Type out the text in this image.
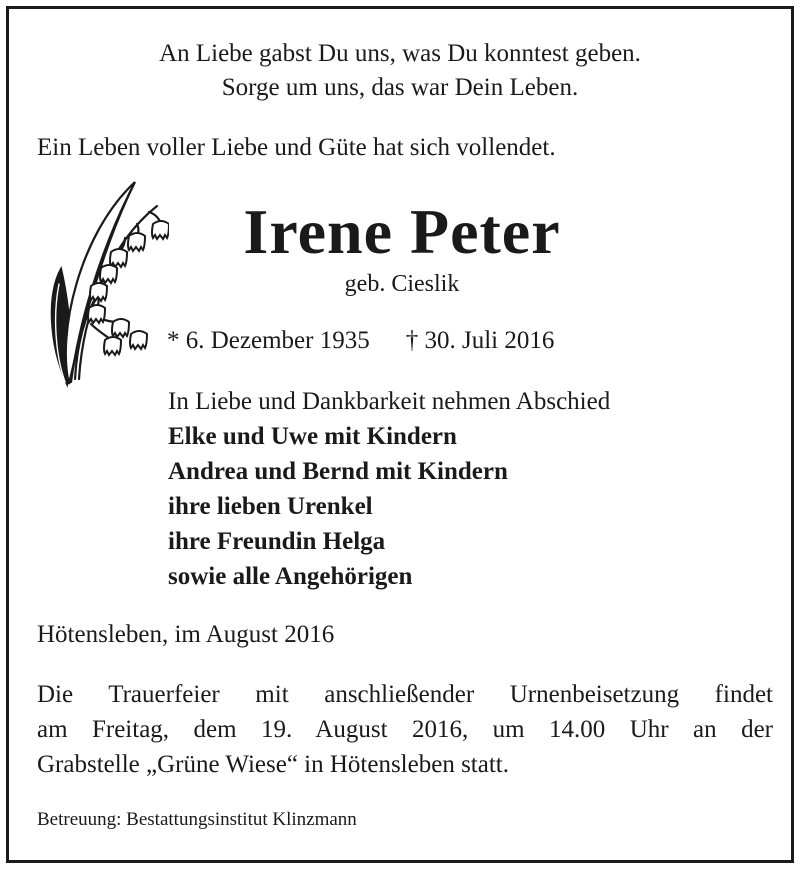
An Liebe gabst Du uns, was Du konntest geben.
Sorge um uns, das war Dein Leben.
Ein Leben voller Liebe und Güte hat sich vollendet.
Irene Peter
geb. Cieslik
* 6. Dezember 1935 † 30. Juli 2016
In Liebe und Dankbarkeit nehmen Abschied
Elke und Uwe mit Kindern
Andrea und Bernd mit Kindern
ihre lieben Urenkel
ihre Freundin Helga
sowie alle Angehörigen
Hötensleben, im August 2016
Die Trauerfeier mit anschließender Urnenbeisetzung findet
am Freitag, dem 19. August 2016, um 14.00 Uhr an der
Grabstelle „Grüne Wiese“ in Hötensleben statt.
Betreuung: Bestattungsinstitut Klinzmann
